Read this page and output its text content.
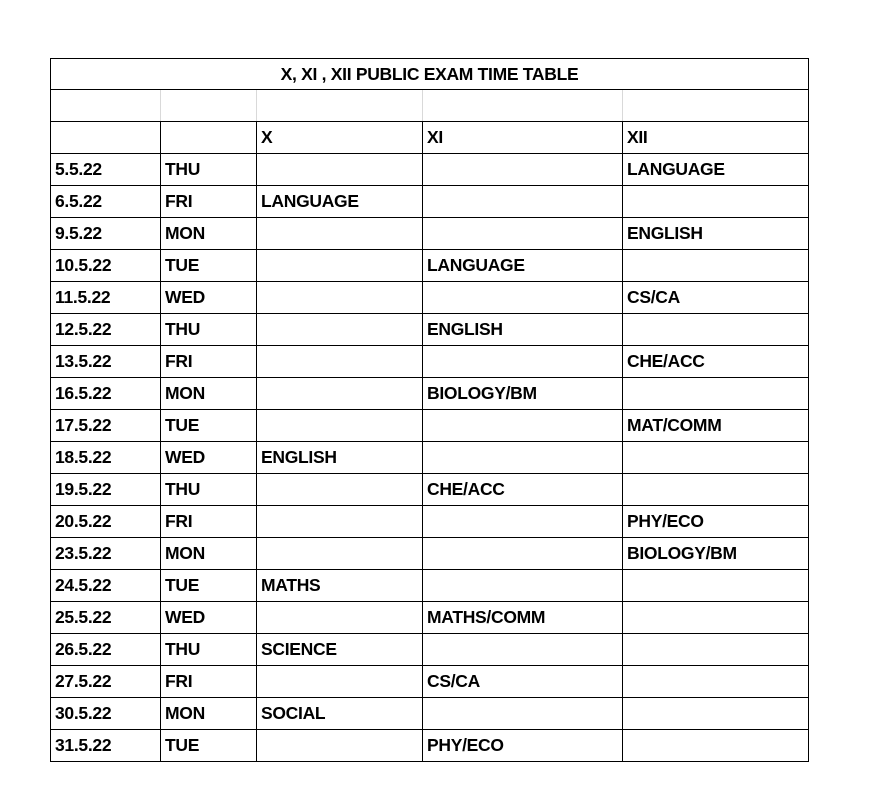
X, XI , XII PUBLIC EXAM TIME TABLE				

		X	XI	XII
5.5.22	THU			LANGUAGE
6.5.22	FRI	LANGUAGE		
9.5.22	MON			ENGLISH
10.5.22	TUE		LANGUAGE	
11.5.22	WED			CS/CA
12.5.22	THU		ENGLISH	
13.5.22	FRI			CHE/ACC
16.5.22	MON		BIOLOGY/BM	
17.5.22	TUE			MAT/COMM
18.5.22	WED	ENGLISH		
19.5.22	THU		CHE/ACC	
20.5.22	FRI			PHY/ECO
23.5.22	MON			BIOLOGY/BM
24.5.22	TUE	MATHS		
25.5.22	WED		MATHS/COMM	
26.5.22	THU	SCIENCE		
27.5.22	FRI		CS/CA	
30.5.22	MON	SOCIAL		
31.5.22	TUE		PHY/ECO	
